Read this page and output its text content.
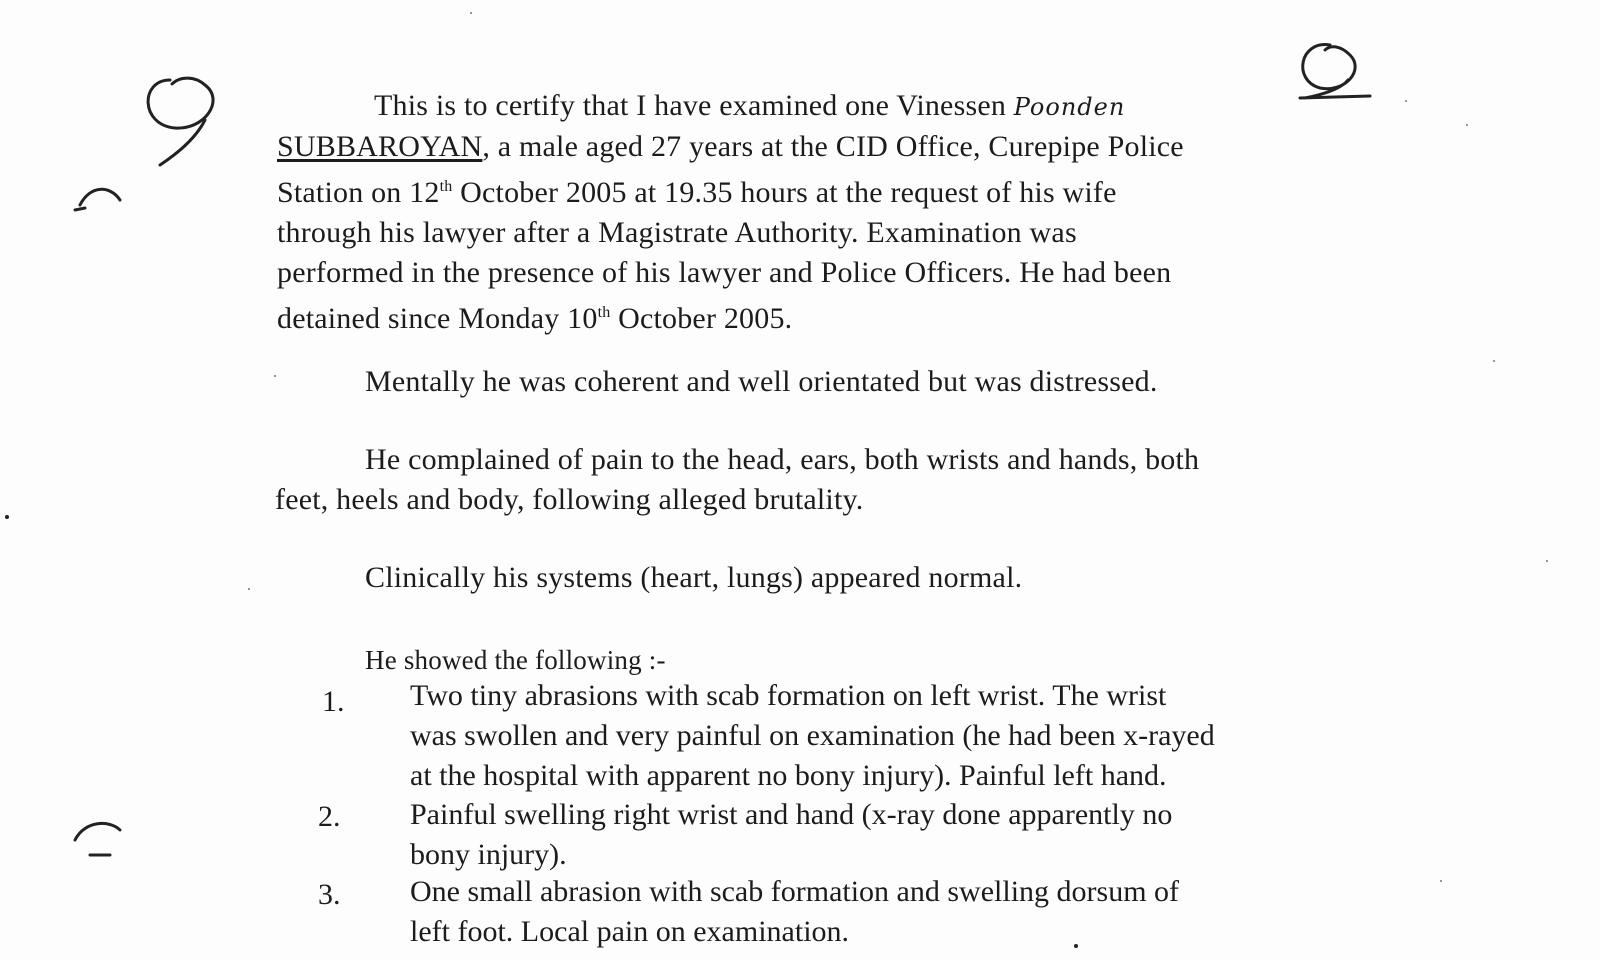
This is to certify that I have examined one Vinessen Poonden
SUBBAROYAN, a male aged 27 years at the CID Office, Curepipe Police
Station on 12th October 2005 at 19.35 hours at the request of his wife
through his lawyer after a Magistrate Authority. Examination was
performed in the presence of his lawyer and Police Officers. He had been
detained since Monday 10th October 2005.
Mentally he was coherent and well orientated but was distressed.
He complained of pain to the head, ears, both wrists and hands, both
feet, heels and body, following alleged brutality.
Clinically his systems (heart, lungs) appeared normal.
He showed the following :-
1. Two tiny abrasions with scab formation on left wrist. The wrist
was swollen and very painful on examination (he had been x-rayed
at the hospital with apparent no bony injury). Painful left hand.
2. Painful swelling right wrist and hand (x-ray done apparently no
bony injury).
3. One small abrasion with scab formation and swelling dorsum of
left foot. Local pain on examination.
